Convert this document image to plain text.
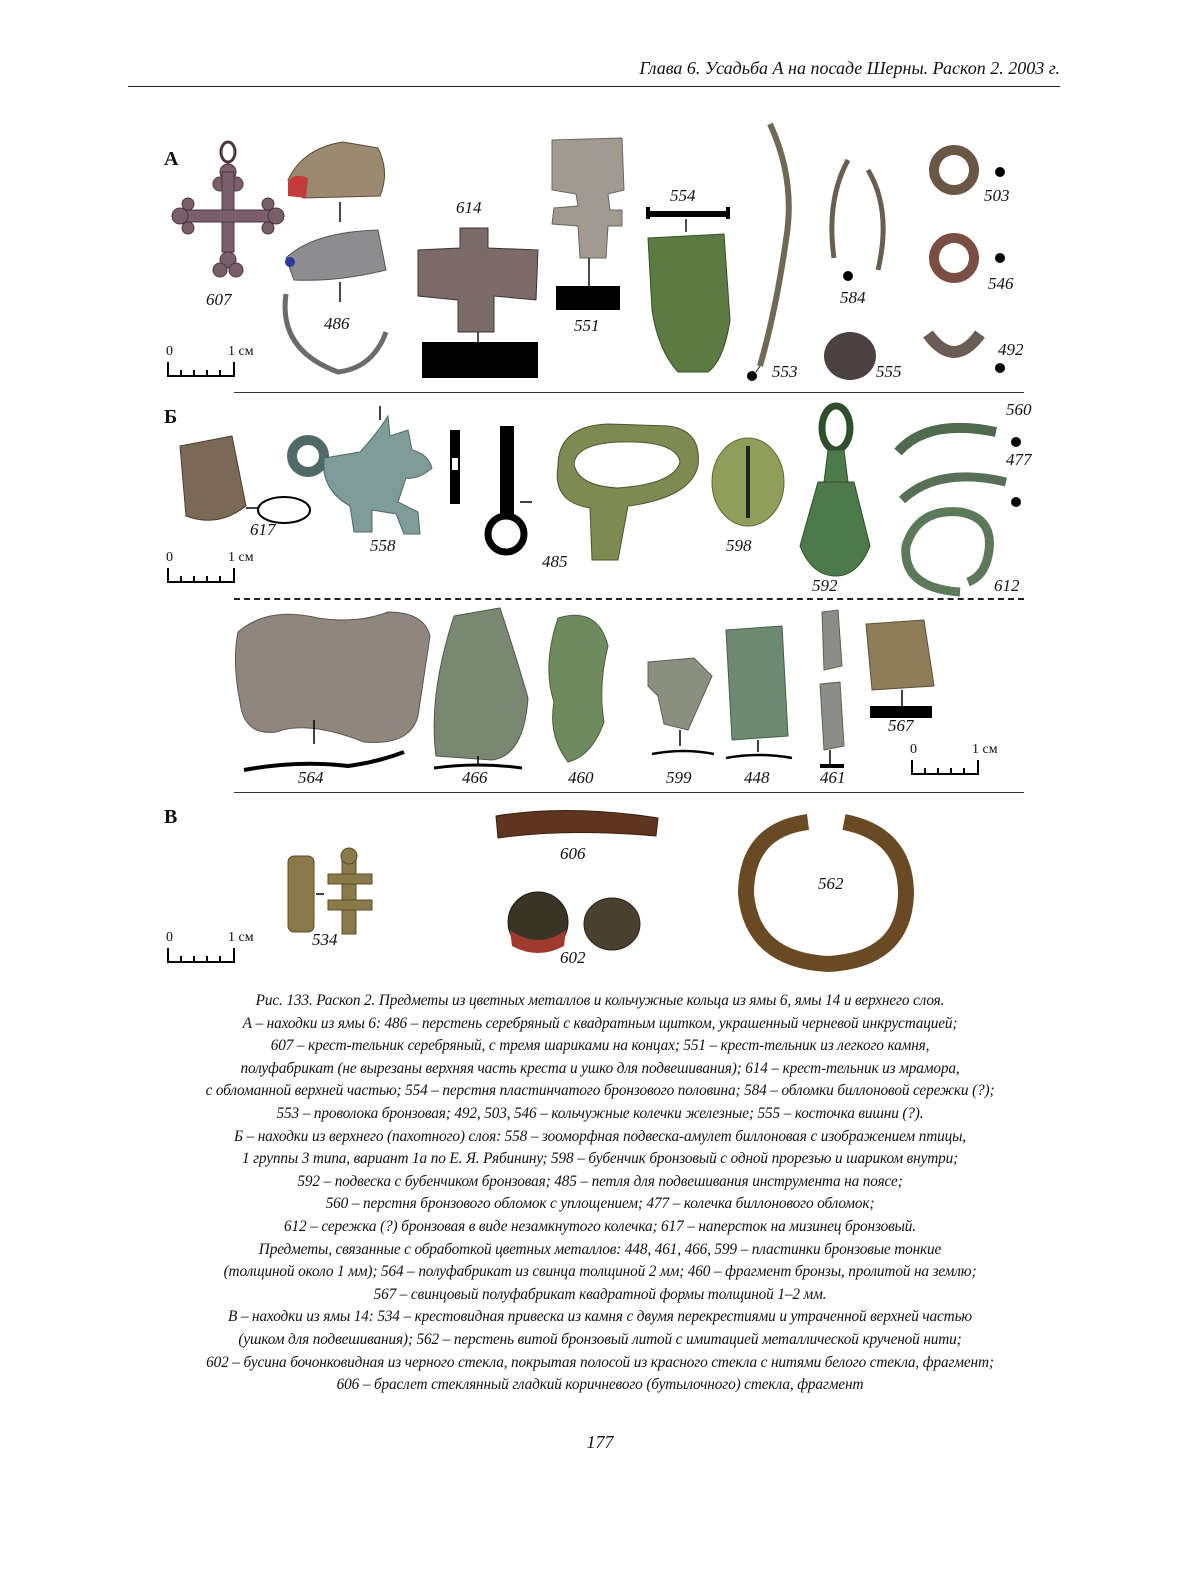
Глава 6. Усадьба А на посаде Шерны. Раскоп 2. 2003 г.
А
607
486
614
551
554
553
584
555
503
546
492
0	1 см
Б
617
558
485
598
592
560
477
612
0	1 см
564	466	460	599	448	461
567
0	1 см
В
534
606
602
562
0	1 см

Рис. 133. Раскоп 2. Предметы из цветных металлов и кольчужные кольца из ямы 6, ямы 14 и верхнего слоя.

А – находки из ямы 6: 486 – перстень серебряный с квадратным щитком, украшенный черневой инкрустацией;

607 – крест-тельник серебряный, с тремя шариками на концах; 551 – крест-тельник из легкого камня,

полуфабрикат (не вырезаны верхняя часть креста и ушко для подвешивания); 614 – крест-тельник из мрамора,

с обломанной верхней частью; 554 – перстня пластинчатого бронзового половина; 584 – обломки биллоновой сережки (?);

553 – проволока бронзовая; 492, 503, 546 – кольчужные колечки железные; 555 – косточка вишни (?).

Б – находки из верхнего (пахотного) слоя: 558 – зооморфная подвеска-амулет биллоновая с изображением птицы,

1 группы 3 типа, вариант 1а по Е. Я. Рябинину; 598 – бубенчик бронзовый с одной прорезью и шариком внутри;

592 – подвеска с бубенчиком бронзовая; 485 – петля для подвешивания инструмента на поясе;

560 – перстня бронзового обломок с уплощением; 477 – колечка биллонового обломок;

612 – сережка (?) бронзовая в виде незамкнутого колечка; 617 – наперсток на мизинец бронзовый.

Предметы, связанные с обработкой цветных металлов: 448, 461, 466, 599 – пластинки бронзовые тонкие

(толщиной около 1 мм); 564 – полуфабрикат из свинца толщиной 2 мм; 460 – фрагмент бронзы, пролитой на землю;

567 – свинцовый полуфабрикат квадратной формы толщиной 1–2 мм.

В – находки из ямы 14: 534 – крестовидная привеска из камня с двумя перекрестиями и утраченной верхней частью

(ушком для подвешивания); 562 – перстень витой бронзовый литой с имитацией металлической крученой нити;

602 – бусина бочонковидная из черного стекла, покрытая полосой из красного стекла с нитями белого стекла, фрагмент;

606 – браслет стеклянный гладкий коричневого (бутылочного) стекла, фрагмент

177
